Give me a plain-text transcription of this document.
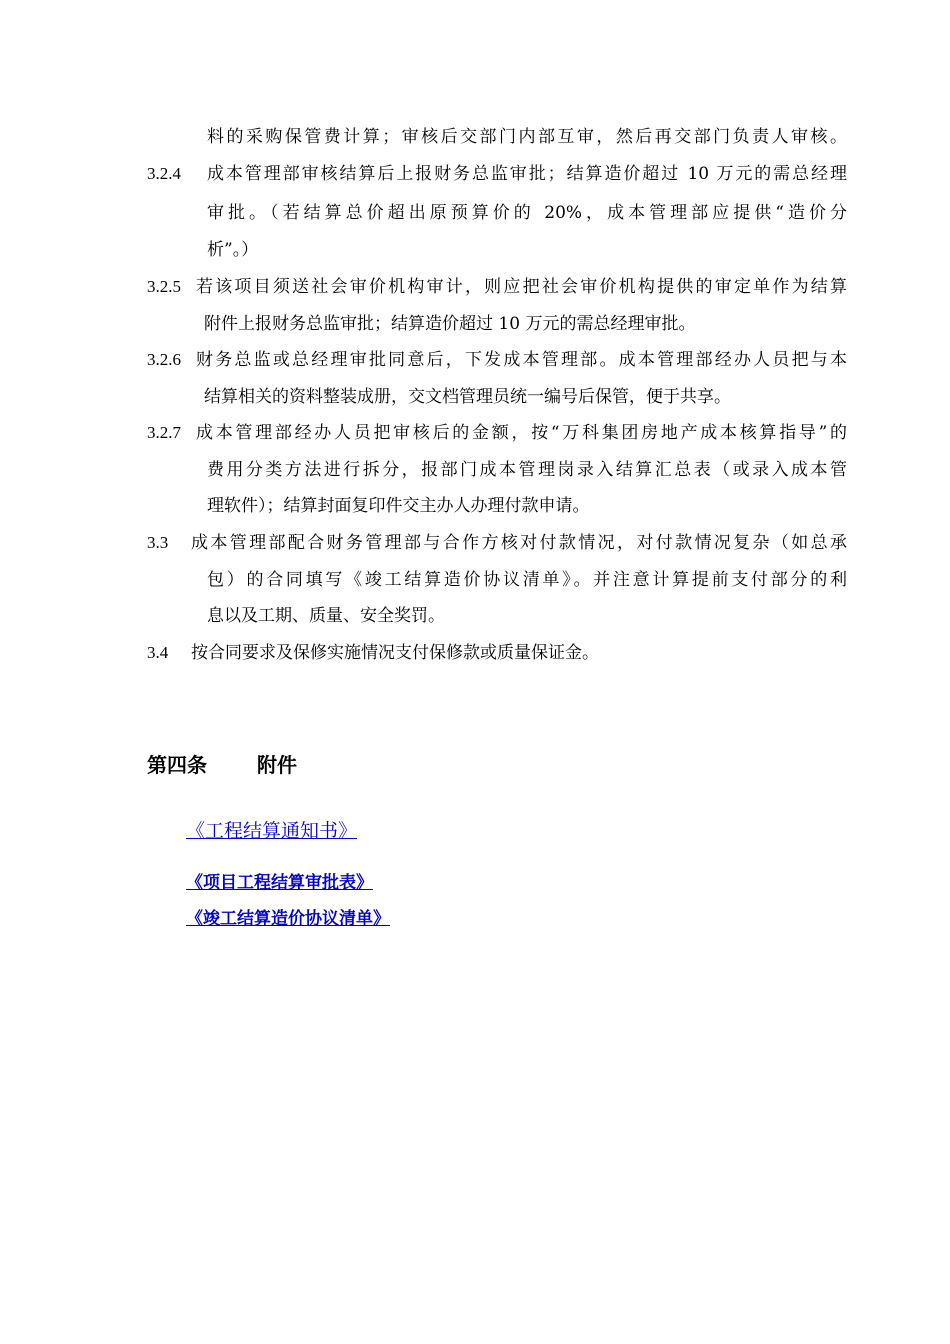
料的采购保管费计算；审核后交部门内部互审，然后再交部门负责人审核。
3.2.4 成本管理部审核结算后上报财务总监审批；结算造价超过 10 万元的需总经理
审批。（若结算总价超出原预算价的 20%，成本管理部应提供“造价分
析”。）
3.2.5 若该项目须送社会审价机构审计，则应把社会审价机构提供的审定单作为结算
附件上报财务总监审批；结算造价超过 10 万元的需总经理审批。
3.2.6 财务总监或总经理审批同意后，下发成本管理部。成本管理部经办人员把与本
结算相关的资料整装成册，交文档管理员统一编号后保管，便于共享。
3.2.7 成本管理部经办人员把审核后的金额，按“万科集团房地产成本核算指导”的
费用分类方法进行拆分，报部门成本管理岗录入结算汇总表（或录入成本管
理软件）；结算封面复印件交主办人办理付款申请。
3.3 成本管理部配合财务管理部与合作方核对付款情况，对付款情况复杂（如总承
包）的合同填写《竣工结算造价协议清单》。并注意计算提前支付部分的利
息以及工期、质量、安全奖罚。
3.4 按合同要求及保修实施情况支付保修款或质量保证金。
第四条	附件
《工程结算通知书》
《项目工程结算审批表》
《竣工结算造价协议清单》
